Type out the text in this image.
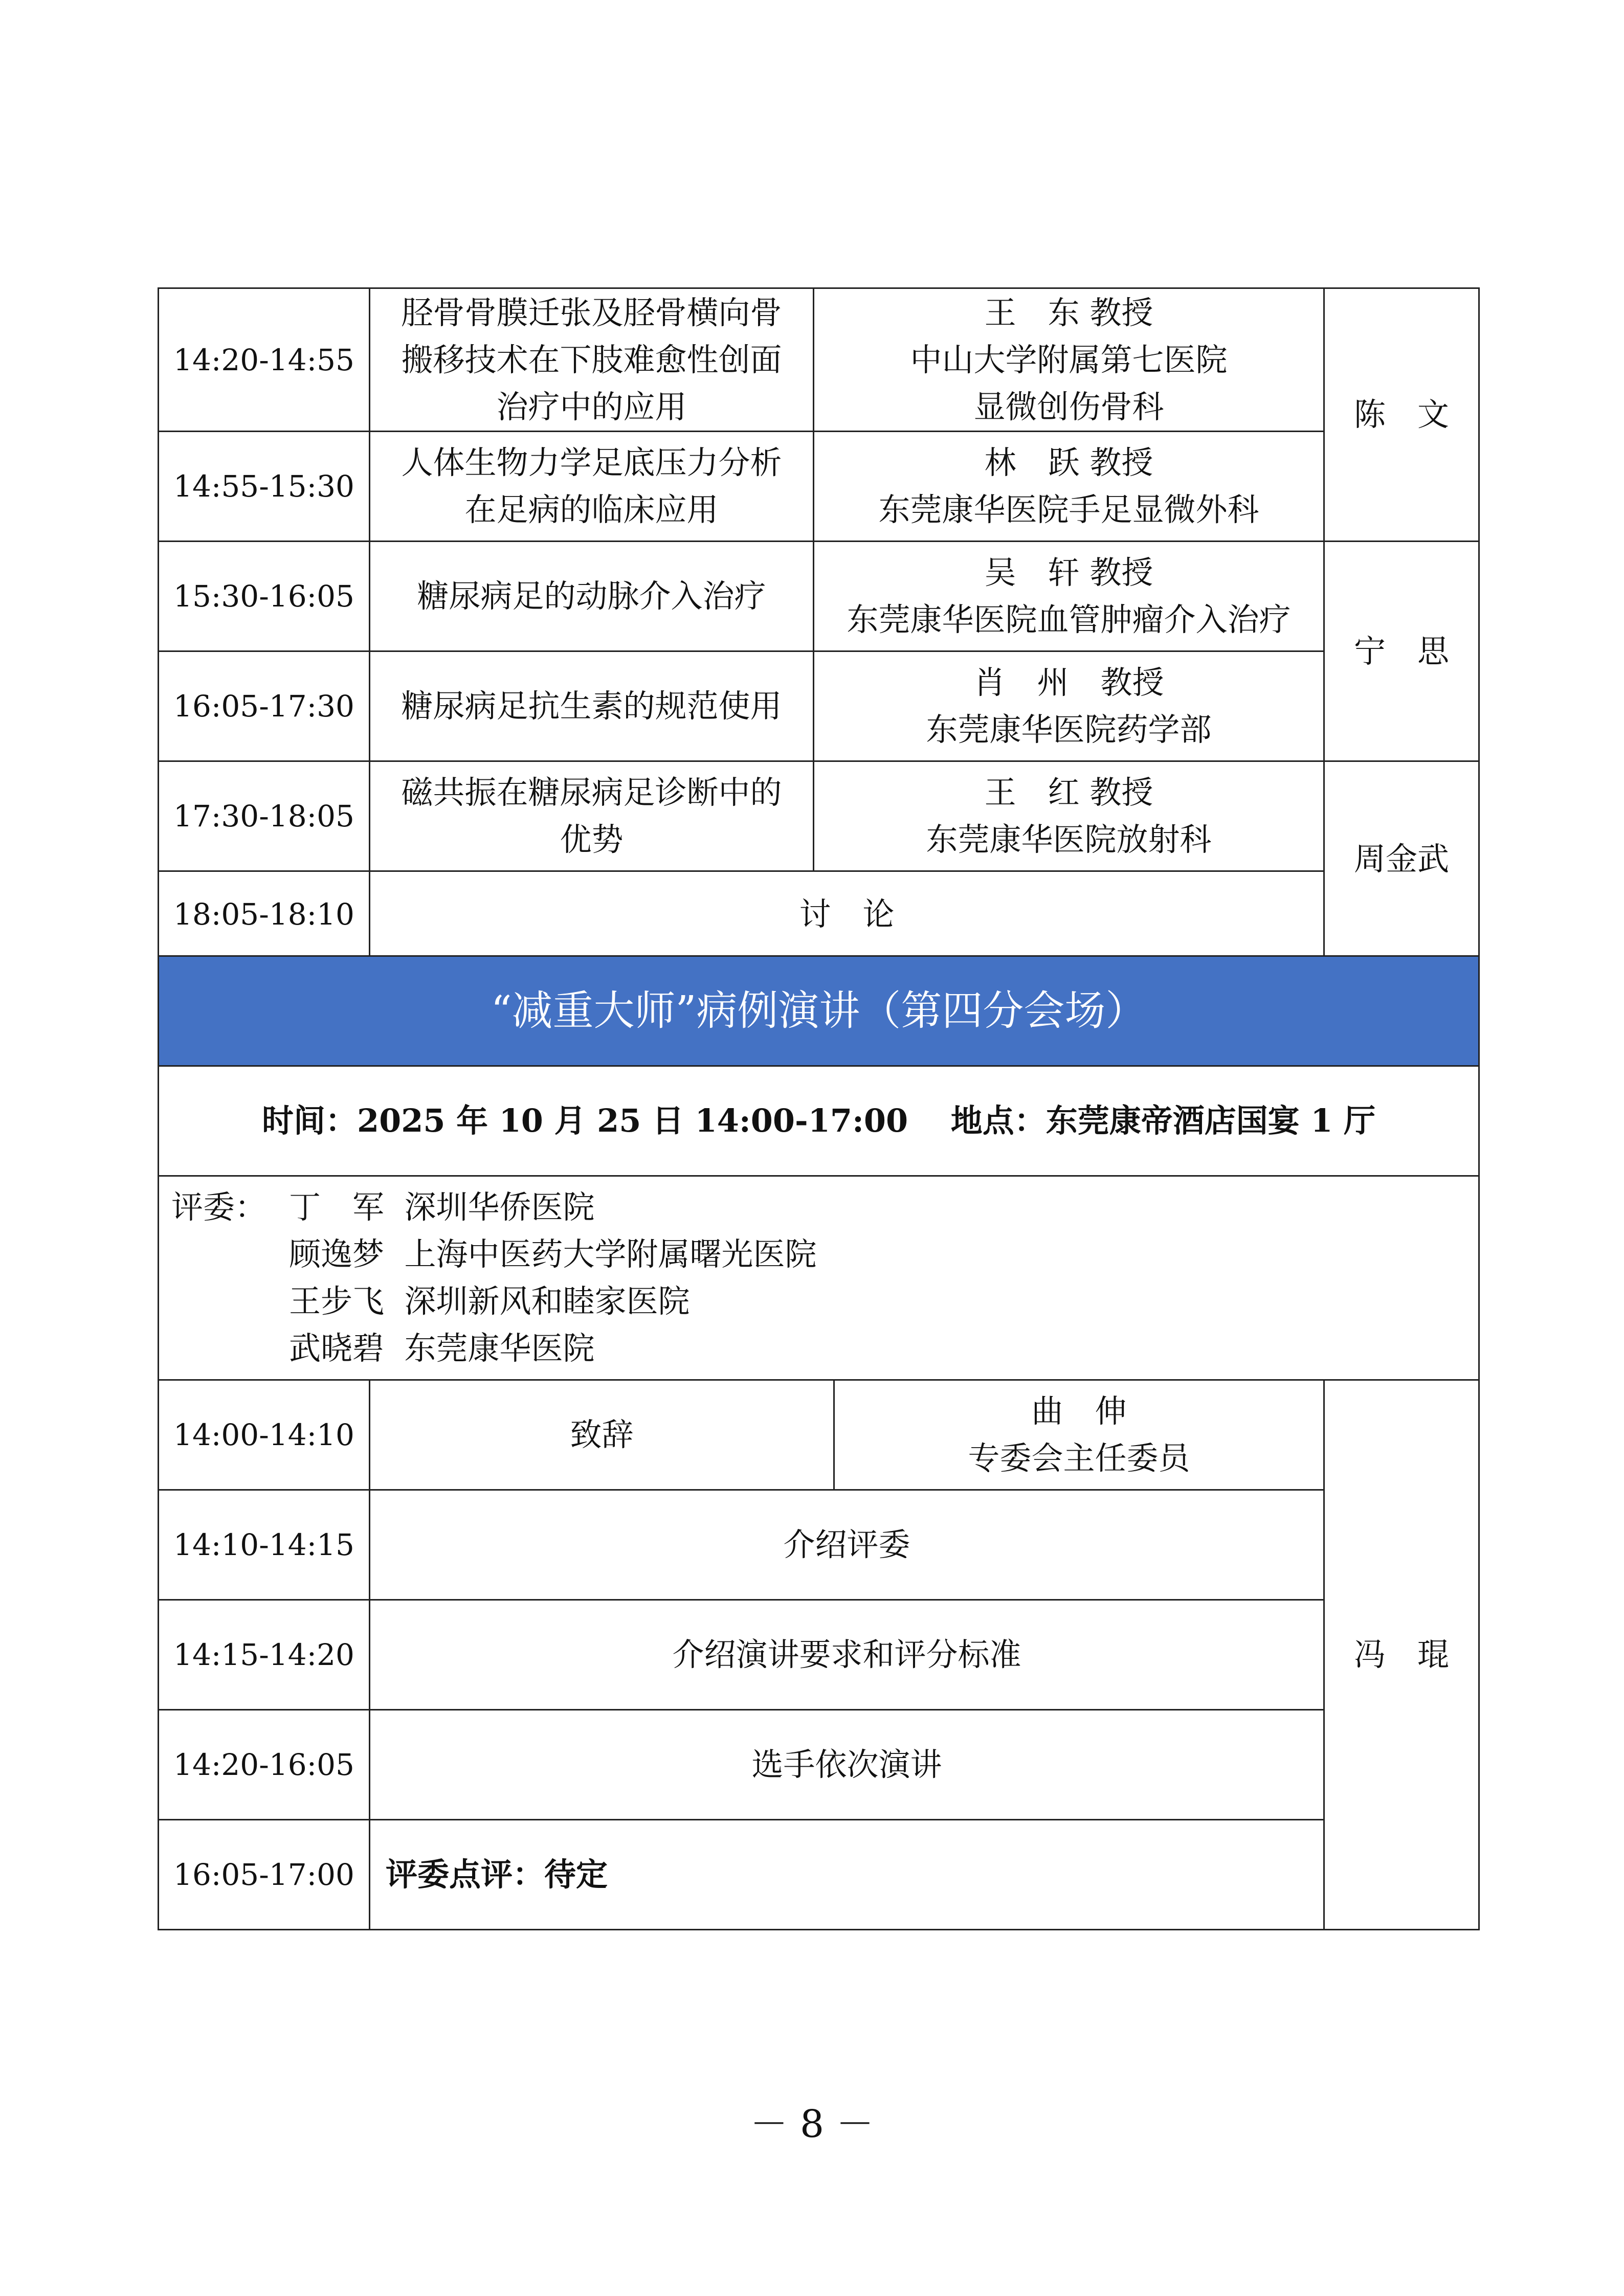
14:20-14:55	胫骨骨膜迁张及胫骨横向骨
搬移技术在下肢难愈性创面
治疗中的应用	王　东 教授
中山大学附属第七医院
显微创伤骨科	陈　文
14:55-15:30	人体生物力学足底压力分析
在足病的临床应用	林　跃 教授
东莞康华医院手足显微外科	

15:30-16:05	糖尿病足的动脉介入治疗	吴　轩 教授
东莞康华医院血管肿瘤介入治疗	宁　思
16:05-17:30	糖尿病足抗生素的规范使用	肖　州　教授
东莞康华医院药学部	

17:30-18:05	磁共振在糖尿病足诊断中的
优势	王　红 教授
东莞康华医院放射科	周金武
18:05-18:10	讨　论		
“减重大师”病例演讲（第四分会场）			
时间：2025 年 10 月 25 日 14:00-17:00　 地点：东莞康帝酒店国宴 1 厅			

评委： 丁　军 深圳华侨医院
顾逸梦 上海中医药大学附属曙光医院
王步飞 深圳新风和睦家医院
武晓碧 东莞康华医院			

14:00-14:10	致辞	曲　伸
专委会主任委员	冯　琨
14:10-14:15	介绍评委		
14:15-14:20	介绍演讲要求和评分标准		
14:20-16:05	选手依次演讲		
16:05-17:00	评委点评：待定		
－ 8 －
